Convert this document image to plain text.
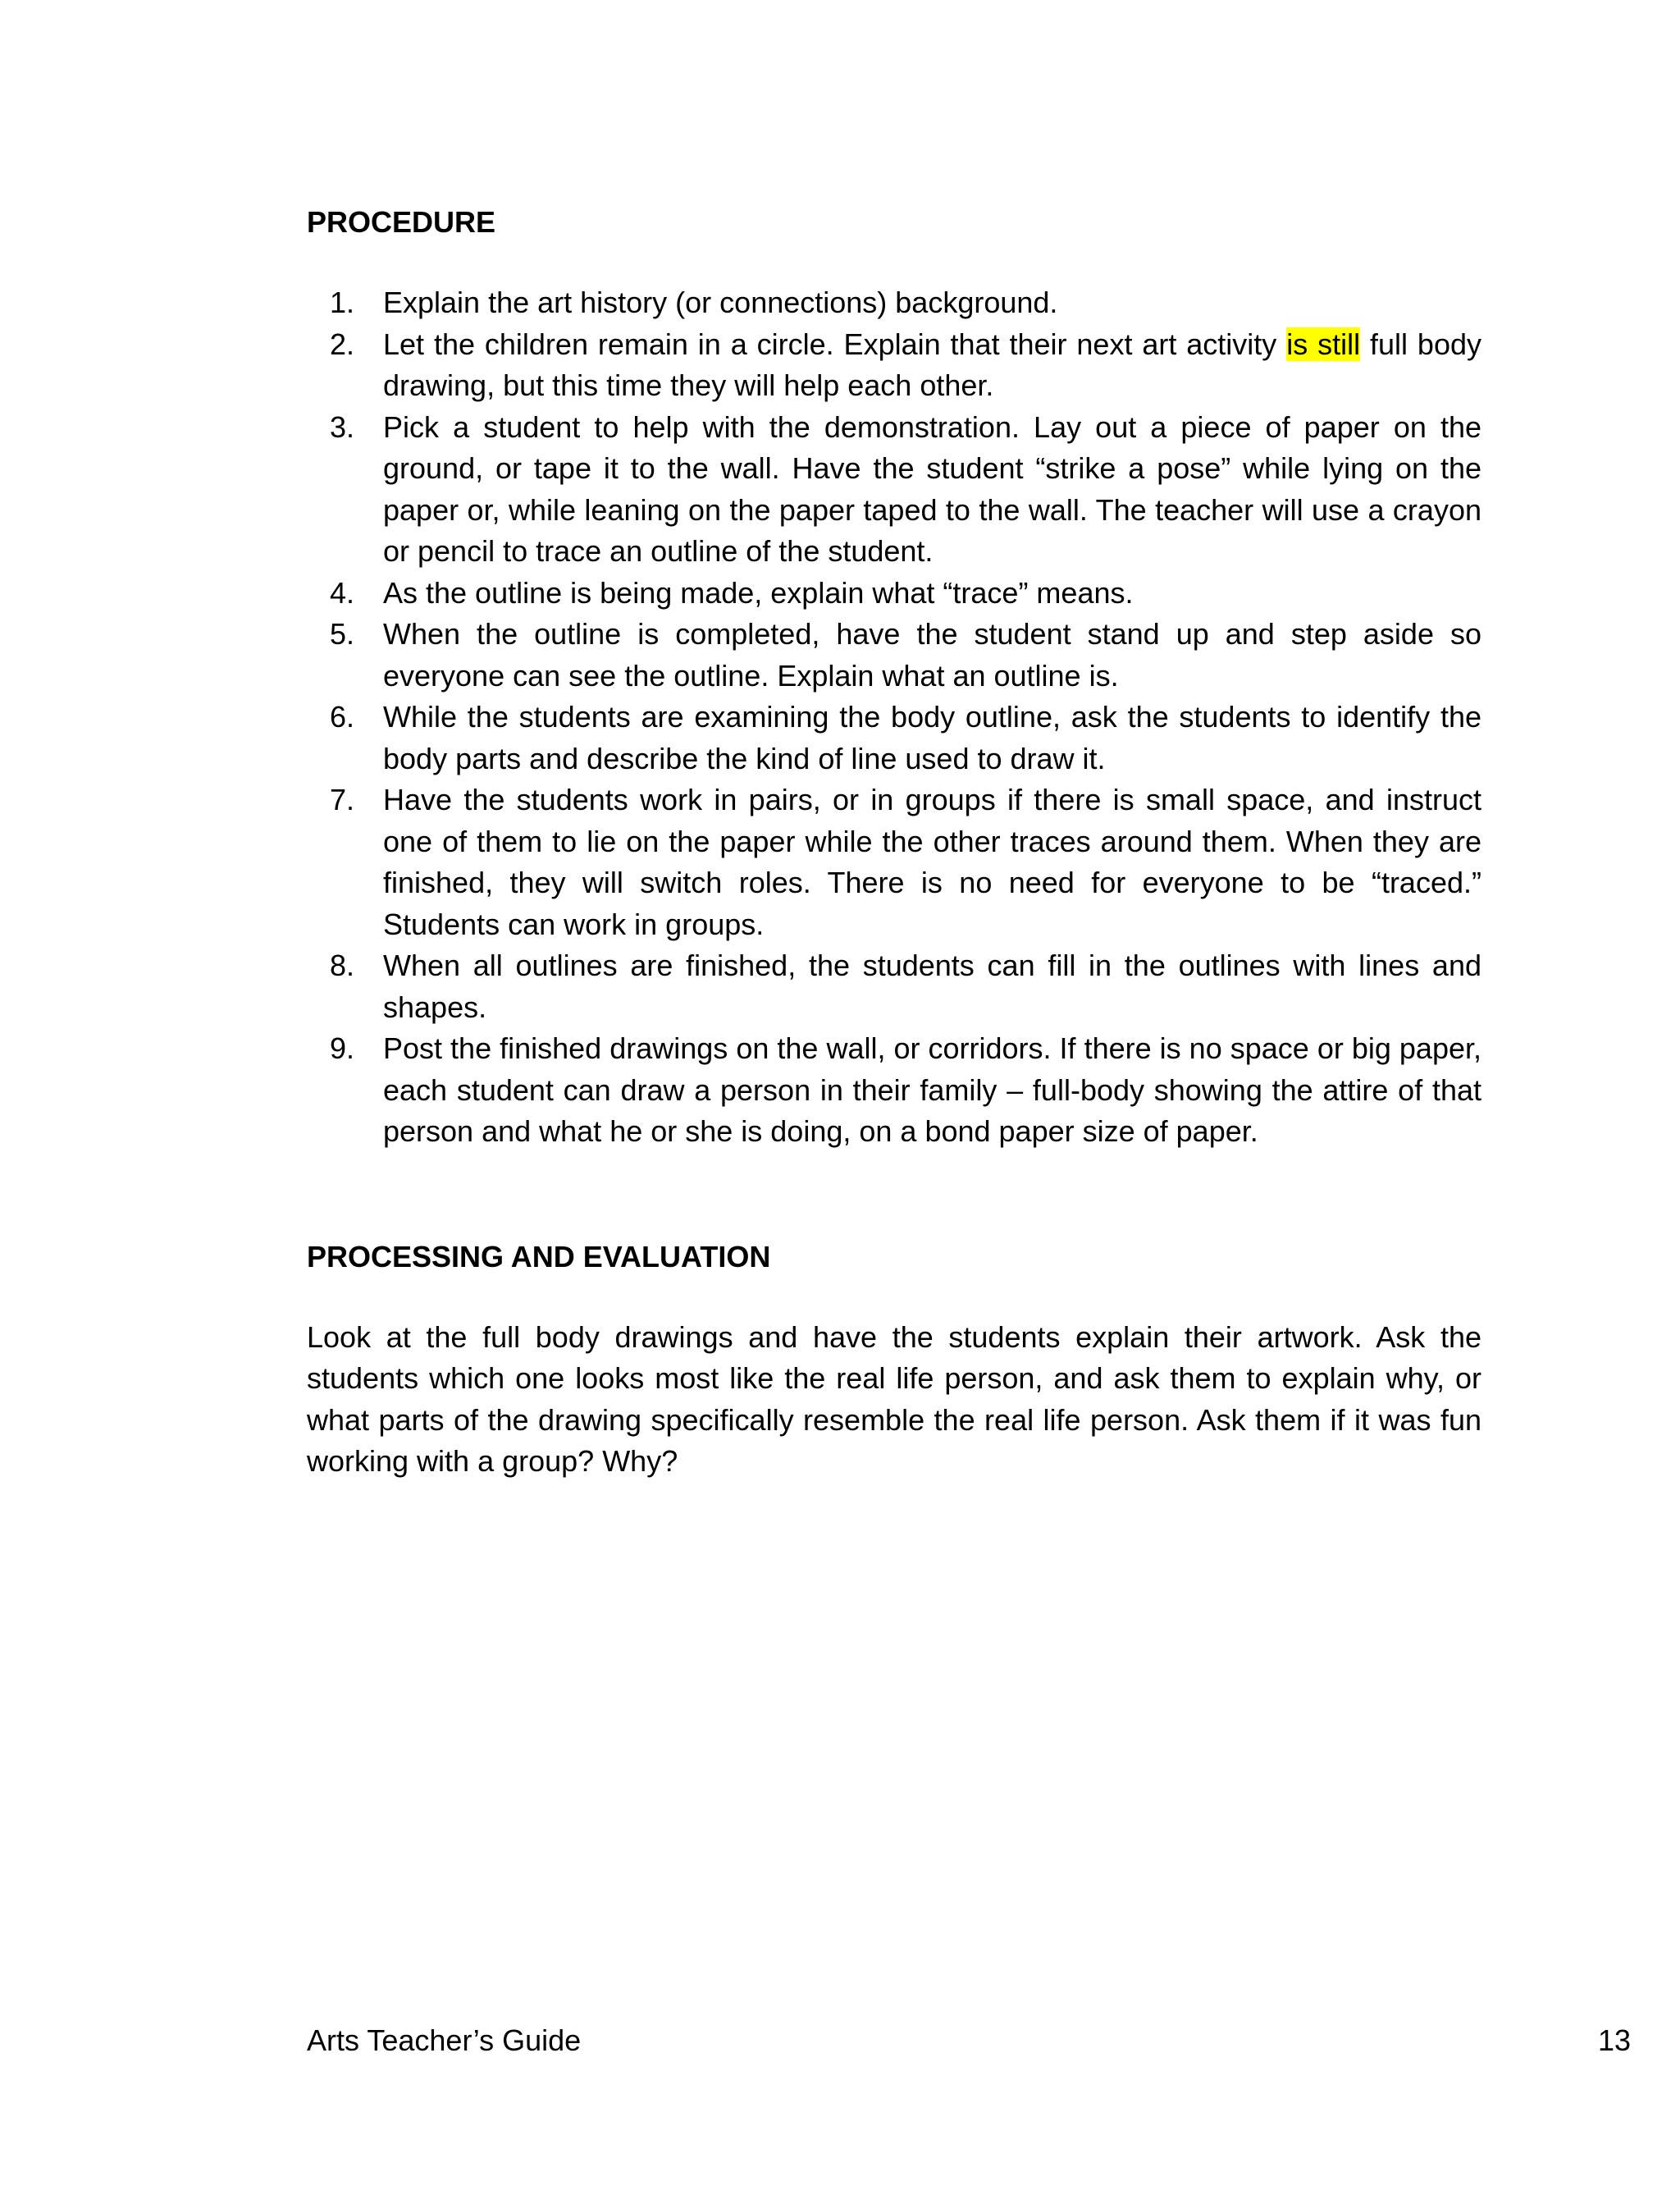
PROCEDURE
1. Explain the art history (or connections) background.
2. Let the children remain in a circle. Explain that their next art activity is still full body drawing, but this time they will help each other.
3. Pick a student to help with the demonstration. Lay out a piece of paper on the ground, or tape it to the wall. Have the student “strike a pose” while lying on the paper or, while leaning on the paper taped to the wall. The teacher will use a crayon or pencil to trace an outline of the student.
4. As the outline is being made, explain what “trace” means.
5. When the outline is completed, have the student stand up and step aside so everyone can see the outline. Explain what an outline is.
6. While the students are examining the body outline, ask the students to identify the body parts and describe the kind of line used to draw it.
7. Have the students work in pairs, or in groups if there is small space, and instruct one of them to lie on the paper while the other traces around them. When they are finished, they will switch roles. There is no need for everyone to be “traced.” Students can work in groups.
8. When all outlines are finished, the students can fill in the outlines with lines and shapes.
9. Post the finished drawings on the wall, or corridors. If there is no space or big paper, each student can draw a person in their family – full-body showing the attire of that person and what he or she is doing, on a bond paper size of paper.
PROCESSING AND EVALUATION

Look at the full body drawings and have the students explain their artwork. Ask the students which one looks most like the real life person, and ask them to explain why, or what parts of the drawing specifically resemble the real life person. Ask them if it was fun working with a group? Why?

Arts Teacher’s Guide	13
